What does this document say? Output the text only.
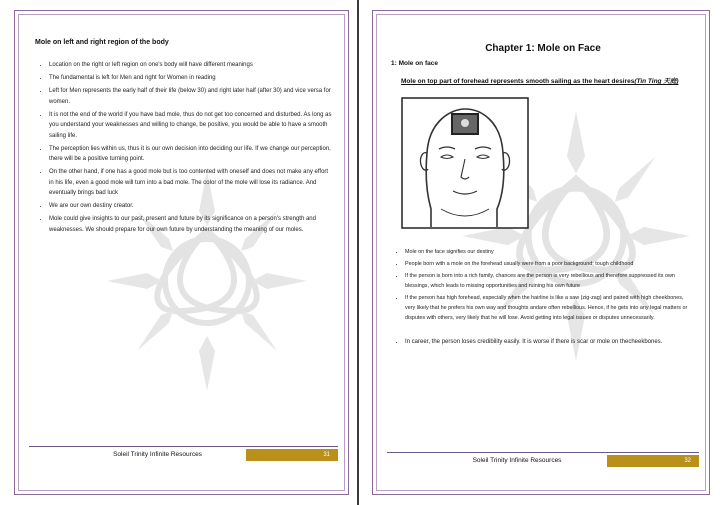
Mole on left and right region of the body

• Location on the right or left region on one's body will have different meanings
• The fundamental is left for Men and right for Women in reading
• Left for Men represents the early half of their life (below 30) and right later half (after 30) and vice versa for women.
• It is not the end of the world if you have bad mole, thus do not get too concerned and disturbed. As long as you understand your weaknesses and willing to change, be positive, you would be able to have a smooth sailing life.
• The perception lies within us, thus it is our own decision into deciding our life. If we change our perception, there will be a positive turning point.
• On the other hand, if one has a good mole but is too contented with oneself and does not make any effort in his life, even a good mole will turn into a bad mole. The color of the mole will lose its radiance. And eventually brings bad luck
• We are our own destiny creator.
• Mole could give insights to our past, present and future by its significance on a person's strength and weaknesses. We should prepare for our own future by understanding the meaning of our moles.
Soleil Trinity Infinite Resources	31

Chapter 1: Mole on Face

1: Mole on face

Mole on top part of forehead represents smooth sailing as the heart desires(Tin Ting 天庭)

• Mole on the face signifies our destiny
• People born with a mole on the forehead usually were from a poor background; tough childhood
• If the person is born into a rich family, chances are the person is very rebellious and therefore suppressed its own blessings, which leads to missing opportunities and ruining his own future
• If the person has high forehead, especially when the hairline is like a saw (zig-zag) and paired with high cheekbones, very likely that he prefers his own way and thoughts andare often rebellious. Hence, if he gets into any legal matters or disputes with others, very likely that he will lose. Avoid getting into legal issues or disputes unnecessarily.
• In career, the person loses credibility easily. It is worse if there is scar or mole on thecheekbones.
Soleil Trinity Infinite Resources	32
